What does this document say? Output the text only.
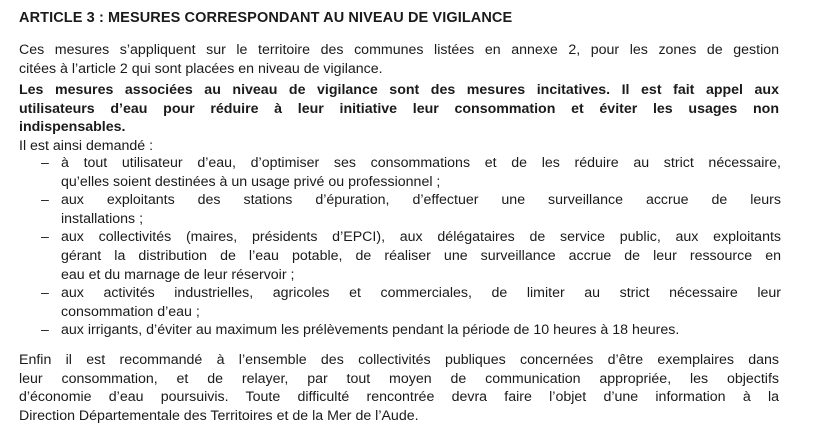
ARTICLE 3 : MESURES CORRESPONDANT AU NIVEAU DE VIGILANCE
Ces mesures s’appliquent sur le territoire des communes listées en annexe 2, pour les zones de gestion
citées à l’article 2 qui sont placées en niveau de vigilance.
Les mesures associées au niveau de vigilance sont des mesures incitatives. Il est fait appel aux
utilisateurs d’eau pour réduire à leur initiative leur consommation et éviter les usages non
indispensables.
Il est ainsi demandé :
– à tout utilisateur d’eau, d’optimiser ses consommations et de les réduire au strict nécessaire,
qu’elles soient destinées à un usage privé ou professionnel ;
– aux exploitants des stations d’épuration, d’effectuer une surveillance accrue de leurs
installations ;
– aux collectivités (maires, présidents d’EPCI), aux délégataires de service public, aux exploitants
gérant la distribution de l’eau potable, de réaliser une surveillance accrue de leur ressource en
eau et du marnage de leur réservoir ;
– aux activités industrielles, agricoles et commerciales, de limiter au strict nécessaire leur
consommation d’eau ;
– aux irrigants, d’éviter au maximum les prélèvements pendant la période de 10 heures à 18 heures.
Enfin il est recommandé à l’ensemble des collectivités publiques concernées d’être exemplaires dans
leur consommation, et de relayer, par tout moyen de communication appropriée, les objectifs
d’économie d’eau poursuivis. Toute difficulté rencontrée devra faire l’objet d’une information à la
Direction Départementale des Territoires et de la Mer de l’Aude.
